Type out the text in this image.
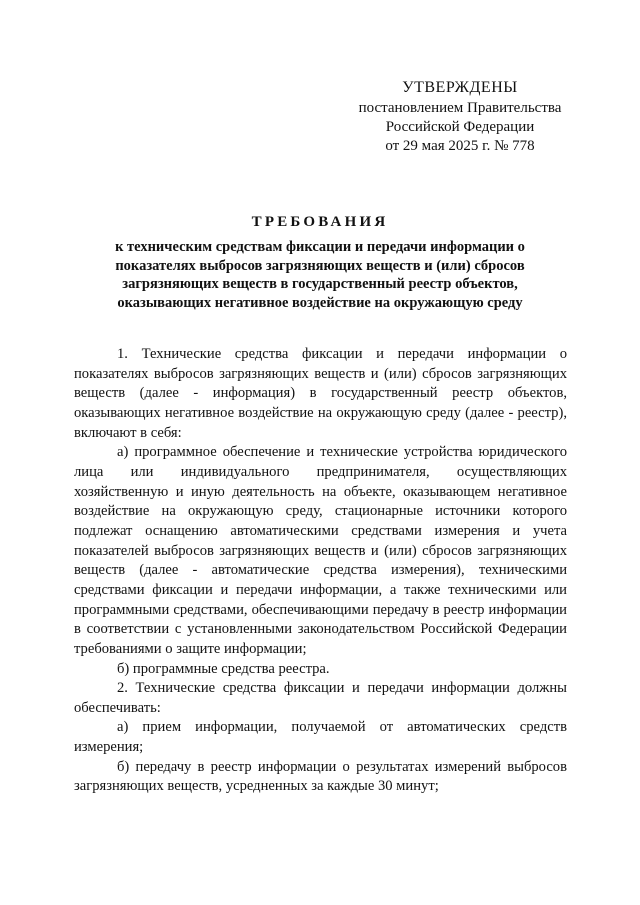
УТВЕРЖДЕНЫ
постановлением Правительства
Российской Федерации
от 29 мая 2025 г. № 778
ТРЕБОВАНИЯ
к техническим средствам фиксации и передачи информации о показателях выбросов загрязняющих веществ и (или) сбросов загрязняющих веществ в государственный реестр объектов, оказывающих негативное воздействие на окружающую среду

1. Технические средства фиксации и передачи информации о показателях выбросов загрязняющих веществ и (или) сбросов загрязняющих веществ (далее - информация) в государственный реестр объектов, оказывающих негативное воздействие на окружающую среду (далее - реестр), включают в себя:

а) программное обеспечение и технические устройства юридического лица или индивидуального предпринимателя, осуществляющих хозяйственную и иную деятельность на объекте, оказывающем негативное воздействие на окружающую среду, стационарные источники которого подлежат оснащению автоматическими средствами измерения и учета показателей выбросов загрязняющих веществ и (или) сбросов загрязняющих веществ (далее - автоматические средства измерения), техническими средствами фиксации и передачи информации, а также техническими или программными средствами, обеспечивающими передачу в реестр информации в соответствии с установленными законодательством Российской Федерации требованиями о защите информации;

б) программные средства реестра.

2. Технические средства фиксации и передачи информации должны обеспечивать:

а) прием информации, получаемой от автоматических средств измерения;

б) передачу в реестр информации о результатах измерений выбросов загрязняющих веществ, усредненных за каждые 30 минут;
